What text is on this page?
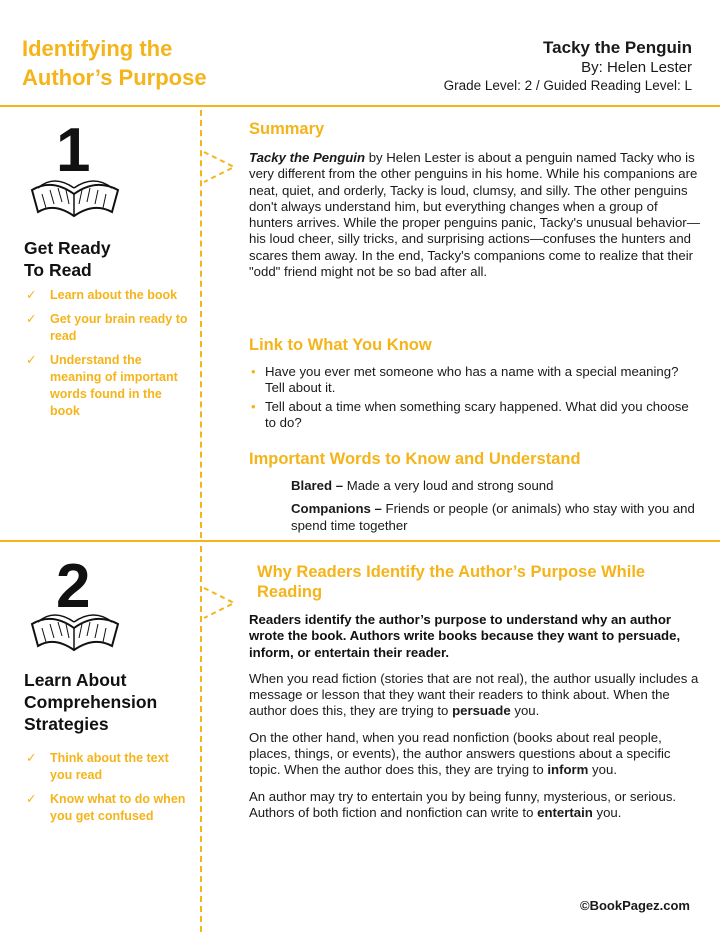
Identifying the
Author’s Purpose
Tacky the Penguin
By: Helen Lester
Grade Level: 2 / Guided Reading Level: L
1
Get Ready
To Read
✓ Learn about the book
✓ Get your brain ready to read
✓ Understand the meaning of important words found in the book
Summary

Tacky the Penguin by Helen Lester is about a penguin named Tacky who is very different from the other penguins in his home. While his companions are neat, quiet, and orderly, Tacky is loud, clumsy, and silly. The other penguins don't always understand him, but everything changes when a group of hunters arrives. While the proper penguins panic, Tacky's unusual behavior—his loud cheer, silly tricks, and surprising actions—confuses the hunters and scares them away. In the end, Tacky's companions come to realize that their "odd" friend might not be so bad after all.

Link to What You Know
• Have you ever met someone who has a name with a special meaning? Tell about it.
• Tell about a time when something scary happened. What did you choose to do?
Important Words to Know and Understand
Blared – Made a very loud and strong sound
Companions – Friends or people (or animals) who stay with you and spend time together
2
Learn About
Comprehension
Strategies
✓ Think about the text you read
✓ Know what to do when you get confused
Why Readers Identify the Author’s Purpose While Reading

Readers identify the author’s purpose to understand why an author wrote the book. Authors write books because they want to persuade, inform, or entertain their reader.

When you read fiction (stories that are not real), the author usually includes a message or lesson that they want their readers to think about. When the author does this, they are trying to persuade you.

On the other hand, when you read nonfiction (books about real people, places, things, or events), the author answers questions about a specific topic. When the author does this, they are trying to inform you.

An author may try to entertain you by being funny, mysterious, or serious. Authors of both fiction and nonfiction can write to entertain you.

©BookPagez.com
